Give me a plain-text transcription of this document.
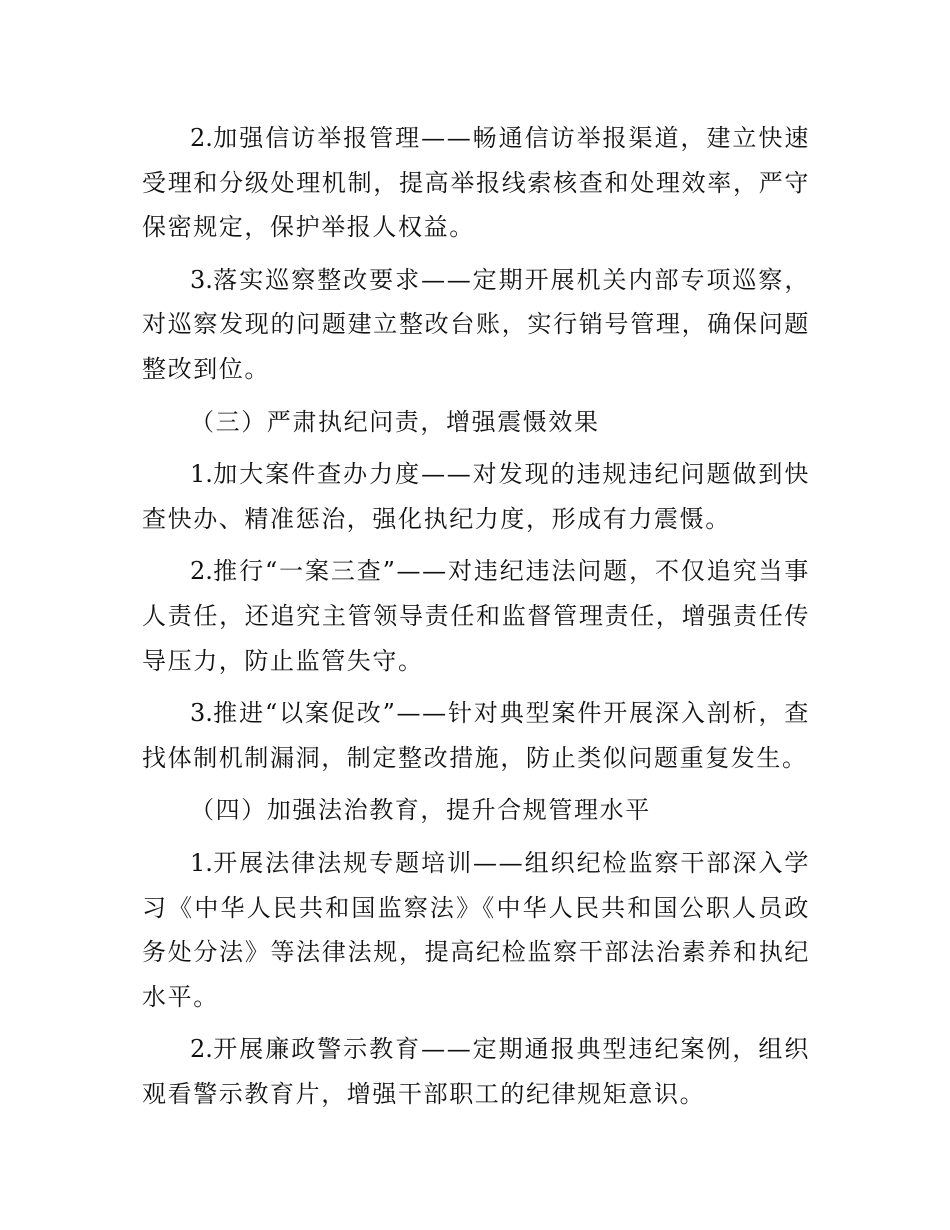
2.加强信访举报管理——畅通信访举报渠道，建立快速受理和分级处理机制，提高举报线索核查和处理效率，严守保密规定，保护举报人权益。

3.落实巡察整改要求——定期开展机关内部专项巡察，对巡察发现的问题建立整改台账，实行销号管理，确保问题整改到位。

（三）严肃执纪问责，增强震慑效果

1.加大案件查办力度——对发现的违规违纪问题做到快查快办、精准惩治，强化执纪力度，形成有力震慑。

2.推行“一案三查”——对违纪违法问题，不仅追究当事人责任，还追究主管领导责任和监督管理责任，增强责任传导压力，防止监管失守。

3.推进“以案促改”——针对典型案件开展深入剖析，查找体制机制漏洞，制定整改措施，防止类似问题重复发生。

（四）加强法治教育，提升合规管理水平

1.开展法律法规专题培训——组织纪检监察干部深入学习《中华人民共和国监察法》《中华人民共和国公职人员政务处分法》等法律法规，提高纪检监察干部法治素养和执纪水平。

2.开展廉政警示教育——定期通报典型违纪案例，组织观看警示教育片，增强干部职工的纪律规矩意识。
